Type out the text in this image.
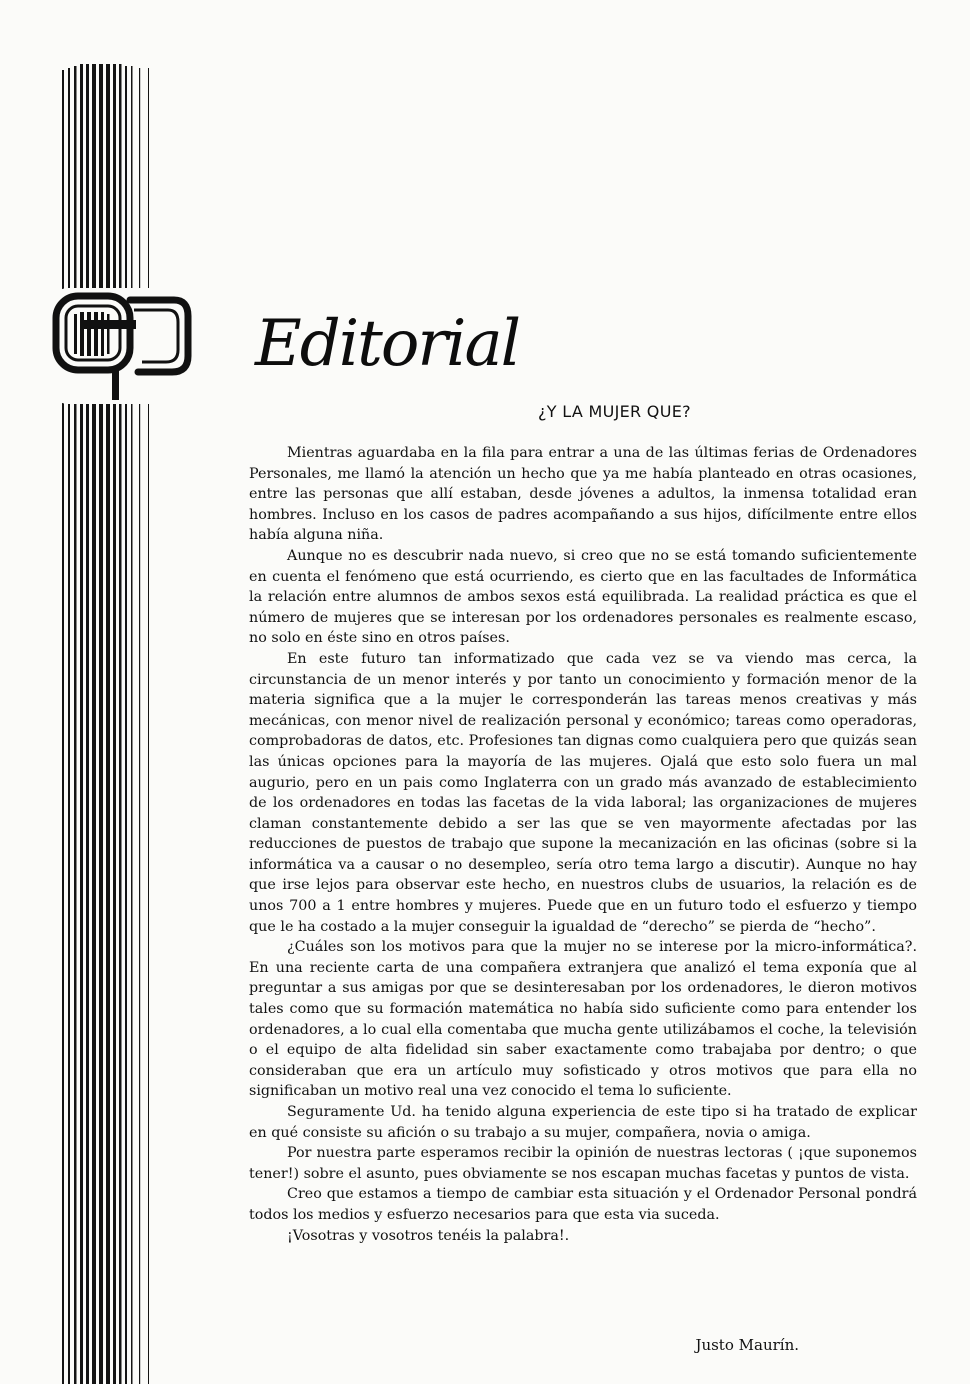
e	Editorial
¿Y LA MUJER QUE?

Mientras aguardaba en la fila para entrar a una de las últimas ferias de Ordenadores Personales, me llamó la atención un hecho que ya me había planteado en otras ocasiones, entre las personas que allí estaban, desde jóvenes a adultos, la inmensa totalidad eran hombres. Incluso en los casos de padres acompañando a sus hijos, difícilmente entre ellos había alguna niña.

Aunque no es descubrir nada nuevo, si creo que no se está tomando suficientemente en cuenta el fenómeno que está ocurriendo, es cierto que en las facultades de Informática la relación entre alumnos de ambos sexos está equilibrada. La realidad práctica es que el número de mujeres que se interesan por los ordenadores personales es realmente escaso, no solo en éste sino en otros países.

En este futuro tan informatizado que cada vez se va viendo mas cerca, la circunstancia de un menor interés y por tanto un conocimiento y formación menor de la materia significa que a la mujer le corresponderán las tareas menos creativas y más mecánicas, con menor nivel de realización personal y económico; tareas como operadoras, comprobadoras de datos, etc. Profesiones tan dignas como cualquiera pero que quizás sean las únicas opciones para la mayoría de las mujeres. Ojalá que esto solo fuera un mal augurio, pero en un pais como Inglaterra con un grado más avanzado de establecimiento de los ordenadores en todas las facetas de la vida laboral; las organizaciones de mujeres claman constantemente debido a ser las que se ven mayormente afectadas por las reducciones de puestos de trabajo que supone la mecanización en las oficinas (sobre si la informática va a causar o no desempleo, sería otro tema largo a discutir). Aunque no hay que irse lejos para observar este hecho, en nuestros clubs de usuarios, la relación es de unos 700 a 1 entre hombres y mujeres. Puede que en un futuro todo el esfuerzo y tiempo que le ha costado a la mujer conseguir la igualdad de “derecho” se pierda de “hecho”.

¿Cuáles son los motivos para que la mujer no se interese por la micro-informática?. En una reciente carta de una compañera extranjera que analizó el tema exponía que al preguntar a sus amigas por que se desinteresaban por los ordenadores, le dieron motivos tales como que su formación matemática no había sido suficiente como para entender los ordenadores, a lo cual ella comentaba que mucha gente utilizábamos el coche, la televisión o el equipo de alta fidelidad sin saber exactamente como trabajaba por dentro; o que consideraban que era un artículo muy sofisticado y otros motivos que para ella no significaban un motivo real una vez conocido el tema lo suficiente.

Seguramente Ud. ha tenido alguna experiencia de este tipo si ha tratado de explicar en qué consiste su afición o su trabajo a su mujer, compañera, novia o amiga.

Por nuestra parte esperamos recibir la opinión de nuestras lectoras ( ¡que suponemos tener!) sobre el asunto, pues obviamente se nos escapan muchas facetas y puntos de vista.

Creo que estamos a tiempo de cambiar esta situación y el Ordenador Personal pondrá todos los medios y esfuerzo necesarios para que esta via suceda.

¡Vosotras y vosotros tenéis la palabra!.

Justo Maurín.
